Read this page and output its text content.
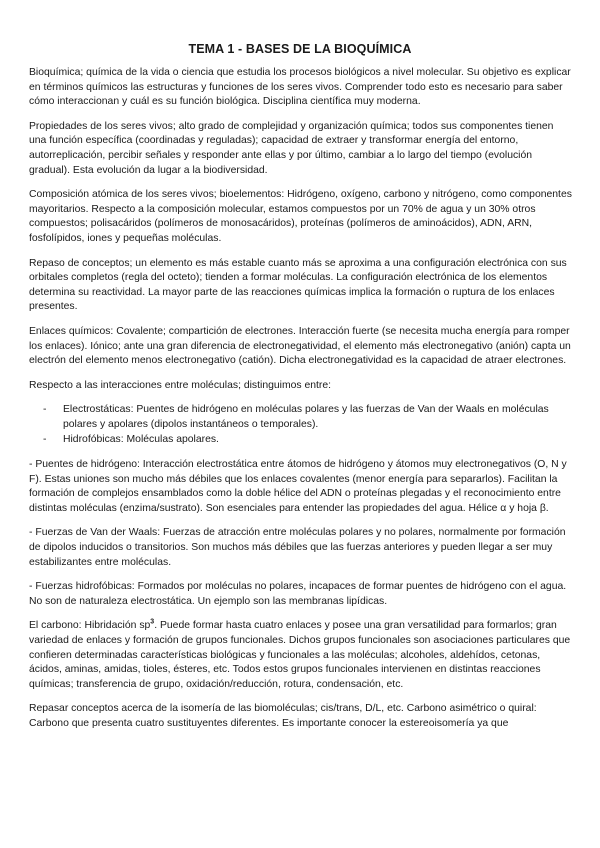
TEMA 1 - BASES DE LA BIOQUÍMICA

Bioquímica; química de la vida o ciencia que estudia los procesos biológicos a nivel molecular. Su objetivo es explicar en términos químicos las estructuras y funciones de los seres vivos. Comprender todo esto es necesario para saber cómo interaccionan y cuál es su función biológica. Disciplina científica muy moderna.

Propiedades de los seres vivos; alto grado de complejidad y organización química; todos sus componentes tienen una función específica (coordinadas y reguladas); capacidad de extraer y transformar energía del entorno, autorreplicación, percibir señales y responder ante ellas y por último, cambiar a lo largo del tiempo (evolución gradual). Esta evolución da lugar a la biodiversidad.

Composición atómica de los seres vivos; bioelementos: Hidrógeno, oxígeno, carbono y nitrógeno, como componentes mayoritarios. Respecto a la composición molecular, estamos compuestos por un 70% de agua y un 30% otros compuestos; polisacáridos (polímeros de monosacáridos), proteínas (polímeros de aminoácidos), ADN, ARN, fosfolípidos, iones y pequeñas moléculas.

Repaso de conceptos; un elemento es más estable cuanto más se aproxima a una configuración electrónica con sus orbitales completos (regla del octeto); tienden a formar moléculas. La configuración electrónica de los elementos determina su reactividad. La mayor parte de las reacciones químicas implica la formación o ruptura de los enlaces presentes.

Enlaces químicos: Covalente; compartición de electrones. Interacción fuerte (se necesita mucha energía para romper los enlaces). Iónico; ante una gran diferencia de electronegatividad, el elemento más electronegativo (anión) capta un electrón del elemento menos electronegativo (catión). Dicha electronegatividad es la capacidad de atraer electrones.

Respecto a las interacciones entre moléculas; distinguimos entre:

- Electrostáticas: Puentes de hidrógeno en moléculas polares y las fuerzas de Van der Waals en moléculas polares y apolares (dipolos instantáneos o temporales).
- Hidrofóbicas: Moléculas apolares.

- Puentes de hidrógeno: Interacción electrostática entre átomos de hidrógeno y átomos muy electronegativos (O, N y F). Estas uniones son mucho más débiles que los enlaces covalentes (menor energía para separarlos). Facilitan la formación de complejos ensamblados como la doble hélice del ADN o proteínas plegadas y el reconocimiento entre distintas moléculas (enzima/sustrato). Son esenciales para entender las propiedades del agua. Hélice α y hoja β.

- Fuerzas de Van der Waals: Fuerzas de atracción entre moléculas polares y no polares, normalmente por formación de dipolos inducidos o transitorios. Son muchos más débiles que las fuerzas anteriores y pueden llegar a ser muy estabilizantes entre moléculas.

- Fuerzas hidrofóbicas: Formados por moléculas no polares, incapaces de formar puentes de hidrógeno con el agua. No son de naturaleza electrostática. Un ejemplo son las membranas lipídicas.

El carbono: Hibridación $sp^3$. Puede formar hasta cuatro enlaces y posee una gran versatilidad para formarlos; gran variedad de enlaces y formación de grupos funcionales. Dichos grupos funcionales son asociaciones particulares que confieren determinadas características biológicas y funcionales a las moléculas; alcoholes, aldehídos, cetonas, ácidos, aminas, amidas, tioles, ésteres, etc. Todos estos grupos funcionales intervienen en distintas reacciones químicas; transferencia de grupo, oxidación/reducción, rotura, condensación, etc.

Repasar conceptos acerca de la isomería de las biomoléculas; cis/trans, D/L, etc. Carbono asimétrico o quiral: Carbono que presenta cuatro sustituyentes diferentes. Es importante conocer la estereoisomería ya que
